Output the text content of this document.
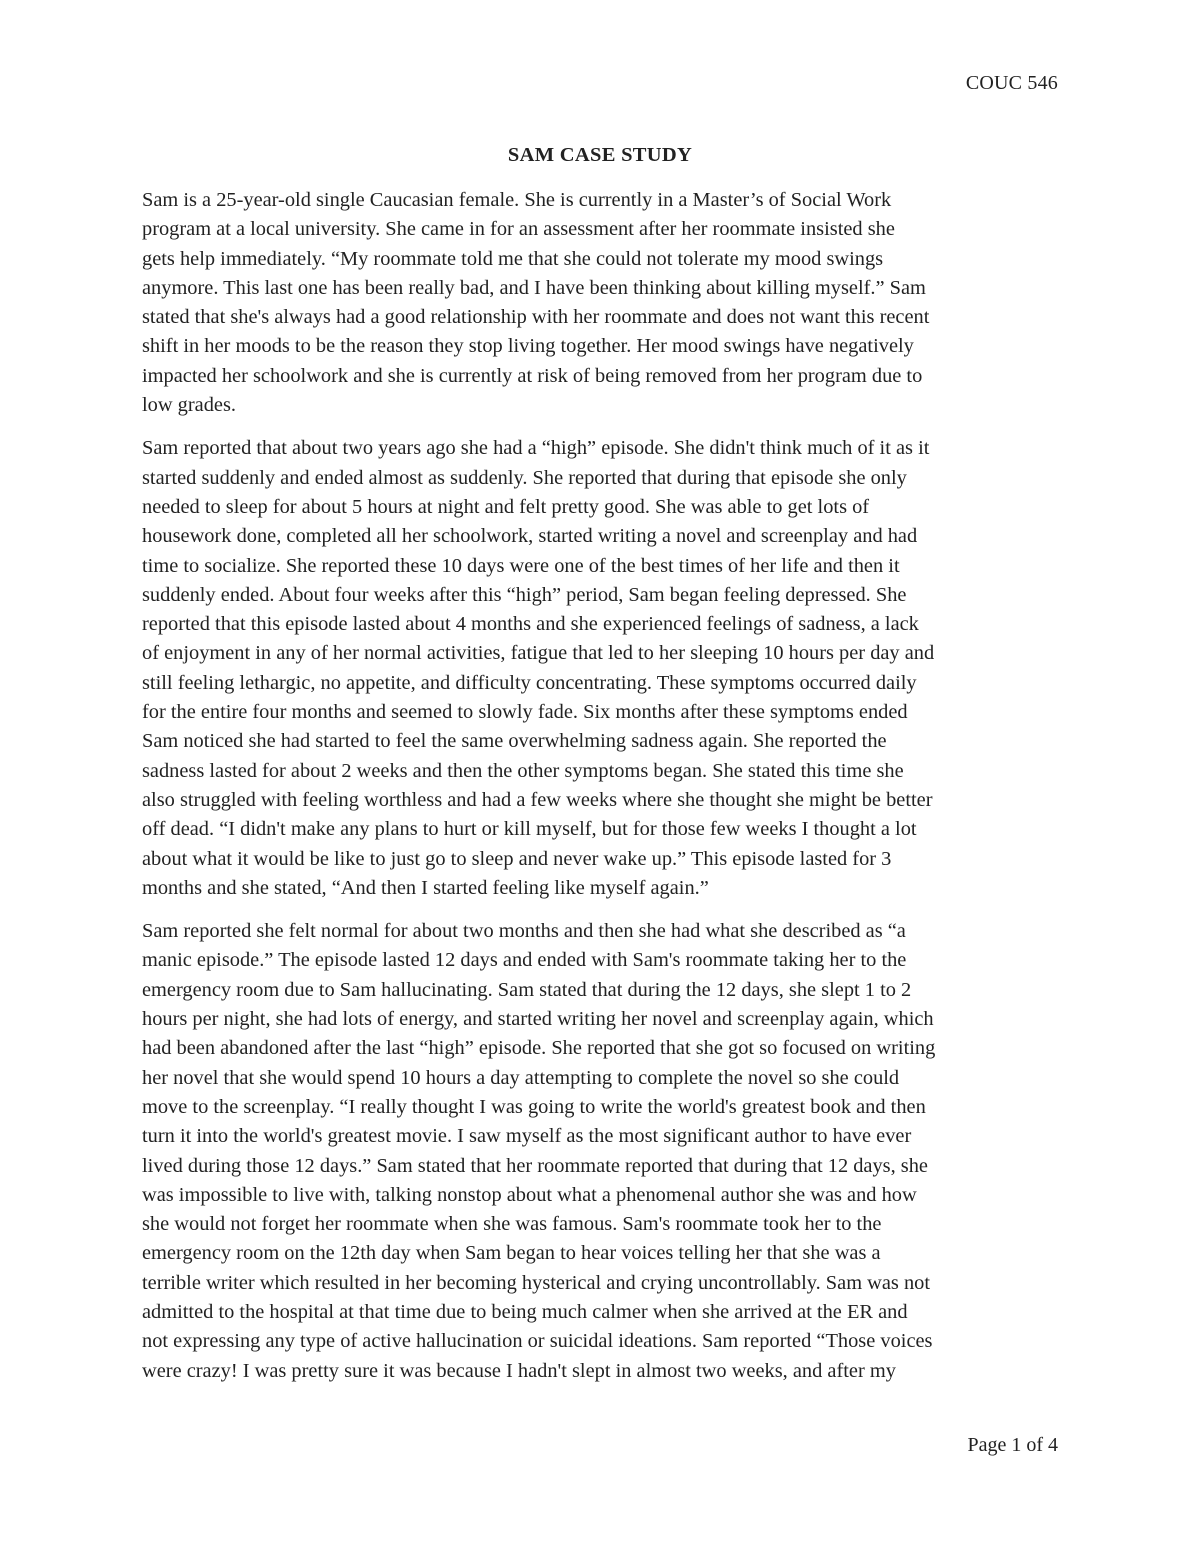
COUC 546
SAM CASE STUDY

Sam is a 25-year-old single Caucasian female. She is currently in a Master’s of Social Work
program at a local university. She came in for an assessment after her roommate insisted she
gets help immediately. “My roommate told me that she could not tolerate my mood swings
anymore. This last one has been really bad, and I have been thinking about killing myself.” Sam
stated that she's always had a good relationship with her roommate and does not want this recent
shift in her moods to be the reason they stop living together. Her mood swings have negatively
impacted her schoolwork and she is currently at risk of being removed from her program due to
low grades.

Sam reported that about two years ago she had a “high” episode. She didn't think much of it as it
started suddenly and ended almost as suddenly. She reported that during that episode she only
needed to sleep for about 5 hours at night and felt pretty good. She was able to get lots of
housework done, completed all her schoolwork, started writing a novel and screenplay and had
time to socialize. She reported these 10 days were one of the best times of her life and then it
suddenly ended. About four weeks after this “high” period, Sam began feeling depressed. She
reported that this episode lasted about 4 months and she experienced feelings of sadness, a lack
of enjoyment in any of her normal activities, fatigue that led to her sleeping 10 hours per day and
still feeling lethargic, no appetite, and difficulty concentrating. These symptoms occurred daily
for the entire four months and seemed to slowly fade. Six months after these symptoms ended
Sam noticed she had started to feel the same overwhelming sadness again. She reported the
sadness lasted for about 2 weeks and then the other symptoms began. She stated this time she
also struggled with feeling worthless and had a few weeks where she thought she might be better
off dead. “I didn't make any plans to hurt or kill myself, but for those few weeks I thought a lot
about what it would be like to just go to sleep and never wake up.” This episode lasted for 3
months and she stated, “And then I started feeling like myself again.”

Sam reported she felt normal for about two months and then she had what she described as “a
manic episode.” The episode lasted 12 days and ended with Sam's roommate taking her to the
emergency room due to Sam hallucinating. Sam stated that during the 12 days, she slept 1 to 2
hours per night, she had lots of energy, and started writing her novel and screenplay again, which
had been abandoned after the last “high” episode. She reported that she got so focused on writing
her novel that she would spend 10 hours a day attempting to complete the novel so she could
move to the screenplay. “I really thought I was going to write the world's greatest book and then
turn it into the world's greatest movie. I saw myself as the most significant author to have ever
lived during those 12 days.” Sam stated that her roommate reported that during that 12 days, she
was impossible to live with, talking nonstop about what a phenomenal author she was and how
she would not forget her roommate when she was famous. Sam's roommate took her to the
emergency room on the 12th day when Sam began to hear voices telling her that she was a
terrible writer which resulted in her becoming hysterical and crying uncontrollably. Sam was not
admitted to the hospital at that time due to being much calmer when she arrived at the ER and
not expressing any type of active hallucination or suicidal ideations. Sam reported “Those voices
were crazy! I was pretty sure it was because I hadn't slept in almost two weeks, and after my

Page 1 of 4
